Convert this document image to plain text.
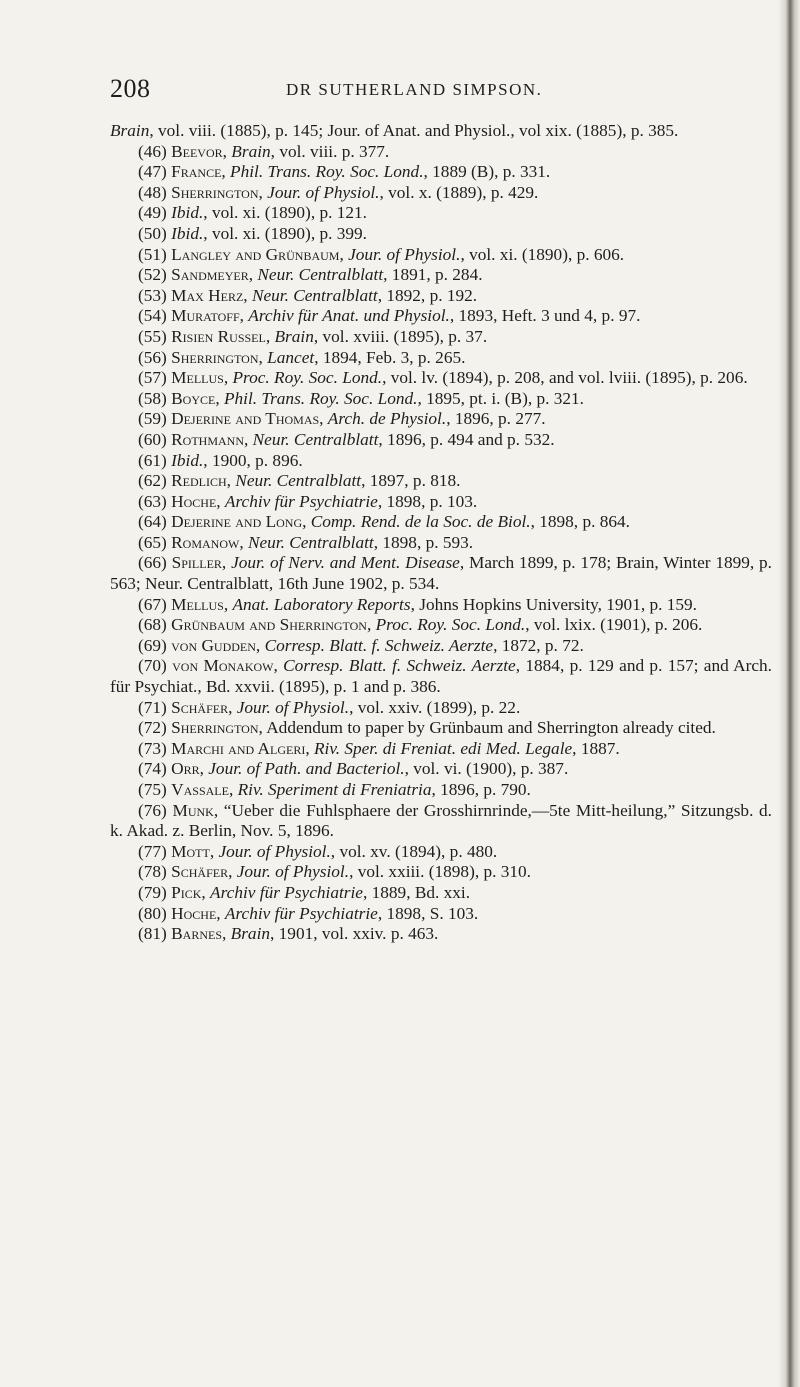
208	DR SUTHERLAND SIMPSON.

Brain, vol. viii. (1885), p. 145; Jour. of Anat. and Physiol., vol xix. (1885), p. 385.

(46) Beevor, Brain, vol. viii. p. 377.

(47) France, Phil. Trans. Roy. Soc. Lond., 1889 (B), p. 331.

(48) Sherrington, Jour. of Physiol., vol. x. (1889), p. 429.

(49) Ibid., vol. xi. (1890), p. 121.

(50) Ibid., vol. xi. (1890), p. 399.

(51) Langley and Grünbaum, Jour. of Physiol., vol. xi. (1890), p. 606.

(52) Sandmeyer, Neur. Centralblatt, 1891, p. 284.

(53) Max Herz, Neur. Centralblatt, 1892, p. 192.

(54) Muratoff, Archiv für Anat. und Physiol., 1893, Heft. 3 und 4, p. 97.

(55) Risien Russel, Brain, vol. xviii. (1895), p. 37.

(56) Sherrington, Lancet, 1894, Feb. 3, p. 265.

(57) Mellus, Proc. Roy. Soc. Lond., vol. lv. (1894), p. 208, and vol. lviii. (1895), p. 206.

(58) Boyce, Phil. Trans. Roy. Soc. Lond., 1895, pt. i. (B), p. 321.

(59) Dejerine and Thomas, Arch. de Physiol., 1896, p. 277.

(60) Rothmann, Neur. Centralblatt, 1896, p. 494 and p. 532.

(61) Ibid., 1900, p. 896.

(62) Redlich, Neur. Centralblatt, 1897, p. 818.

(63) Hoche, Archiv für Psychiatrie, 1898, p. 103.

(64) Dejerine and Long, Comp. Rend. de la Soc. de Biol., 1898, p. 864.

(65) Romanow, Neur. Centralblatt, 1898, p. 593.

(66) Spiller, Jour. of Nerv. and Ment. Disease, March 1899, p. 178; Brain, Winter 1899, p. 563; Neur. Centralblatt, 16th June 1902, p. 534.

(67) Mellus, Anat. Laboratory Reports, Johns Hopkins University, 1901, p. 159.

(68) Grünbaum and Sherrington, Proc. Roy. Soc. Lond., vol. lxix. (1901), p. 206.

(69) von Gudden, Corresp. Blatt. f. Schweiz. Aerzte, 1872, p. 72.

(70) von Monakow, Corresp. Blatt. f. Schweiz. Aerzte, 1884, p. 129 and p. 157; and Arch. für Psychiat., Bd. xxvii. (1895), p. 1 and p. 386.

(71) Schäfer, Jour. of Physiol., vol. xxiv. (1899), p. 22.

(72) Sherrington, Addendum to paper by Grünbaum and Sherrington already cited.

(73) Marchi and Algeri, Riv. Sper. di Freniat. edi Med. Legale, 1887.

(74) Orr, Jour. of Path. and Bacteriol., vol. vi. (1900), p. 387.

(75) Vassale, Riv. Speriment di Freniatria, 1896, p. 790.

(76) Munk, “Ueber die Fuhlsphaere der Grosshirnrinde,—5te Mitt-heilung,” Sitzungsb. d. k. Akad. z. Berlin, Nov. 5, 1896.

(77) Mott, Jour. of Physiol., vol. xv. (1894), p. 480.

(78) Schäfer, Jour. of Physiol., vol. xxiii. (1898), p. 310.

(79) Pick, Archiv für Psychiatrie, 1889, Bd. xxi.

(80) Hoche, Archiv für Psychiatrie, 1898, S. 103.

(81) Barnes, Brain, 1901, vol. xxiv. p. 463.
